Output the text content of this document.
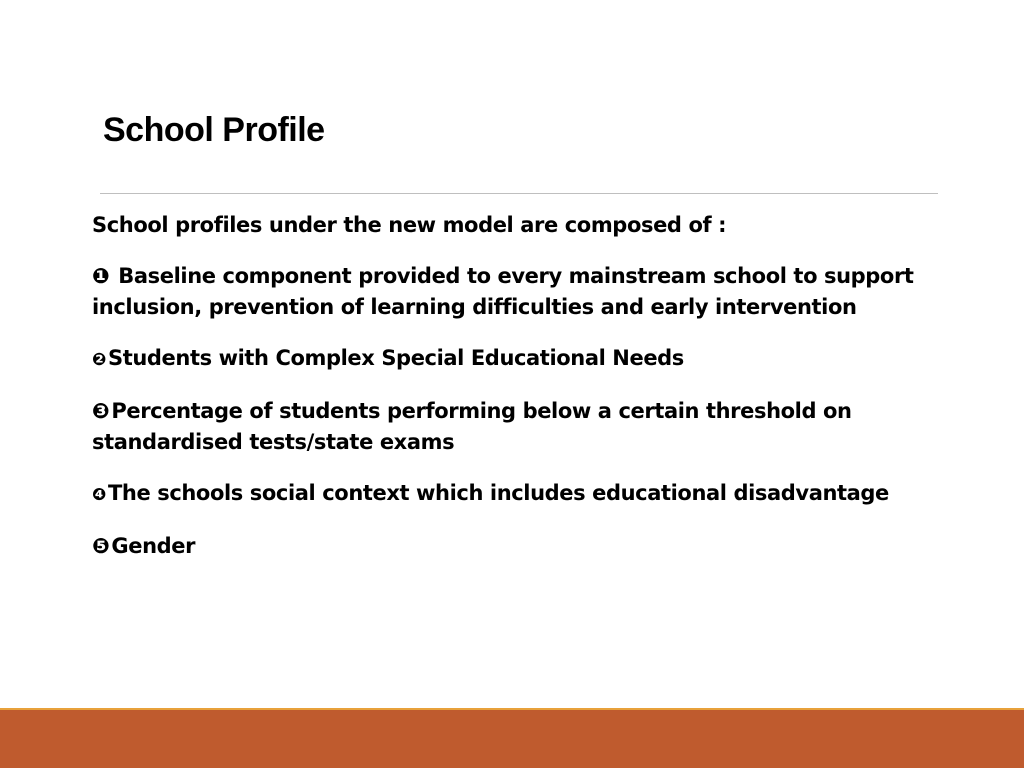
School Profile

School profiles under the new model are composed of :

❶ Baseline component provided to every mainstream school to support inclusion, prevention of learning difficulties and early intervention

❷Students with Complex Special Educational Needs

❸Percentage of students performing below a certain threshold on standardised tests/state exams

❹The schools social context which includes educational disadvantage

❺Gender
